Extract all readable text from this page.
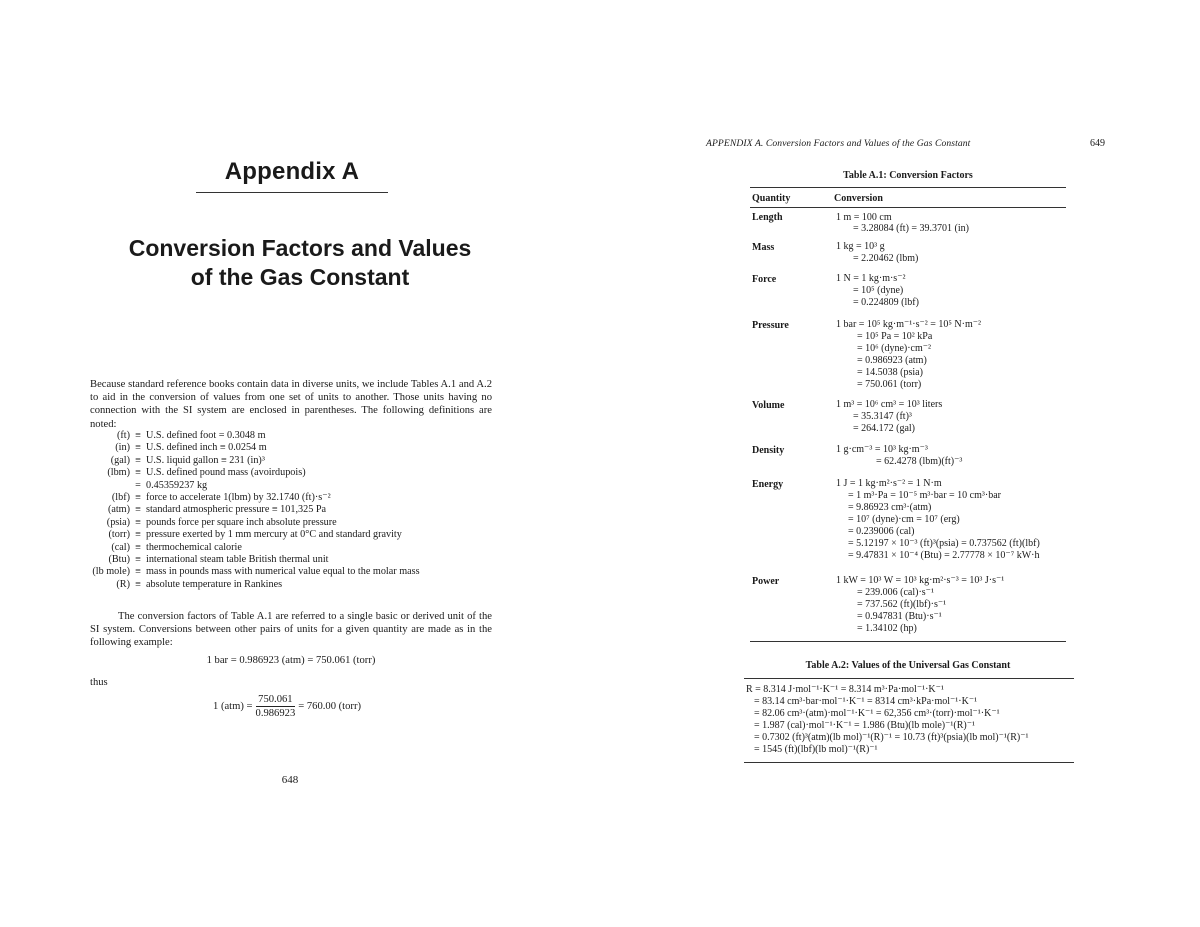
Appendix A
Conversion Factors and Values
of the Gas Constant
Because standard reference books contain data in diverse units, we include Tables A.1 and A.2 to aid in the conversion of values from one set of units to another. Those units having no connection with the SI system are enclosed in parentheses. The following definitions are noted:
(ft) ≡ U.S. defined foot = 0.3048 m
(in) ≡ U.S. defined inch ≡ 0.0254 m
(gal) ≡ U.S. liquid gallon ≡ 231 (in)³
(lbm) ≡ U.S. defined pound mass (avoirdupois)
= 0.45359237 kg
(lbf) ≡ force to accelerate 1(lbm) by 32.1740 (ft)·s⁻²
(atm) ≡ standard atmospheric pressure ≡ 101,325 Pa
(psia) ≡ pounds force per square inch absolute pressure
(torr) ≡ pressure exerted by 1 mm mercury at 0°C and standard gravity
(cal) ≡ thermochemical calorie
(Btu) ≡ international steam table British thermal unit
(lb mole) ≡ mass in pounds mass with numerical value equal to the molar mass
(R) ≡ absolute temperature in Rankines
The conversion factors of Table A.1 are referred to a single basic or derived unit of the SI system. Conversions between other pairs of units for a given quantity are made as in the following example:
1 bar = 0.986923 (atm) = 750.061 (torr)
thus
1 $(atm) = \frac{750.061}{0.986923} = 760.00$ (torr)
648
APPENDIX A. Conversion Factors and Values of the Gas Constant	649
Table A.1: Conversion Factors
Quantity	Conversion
Length	1 m = 100 cm
= 3.28084 (ft) = 39.3701 (in)
Mass	1 kg = 10³ g
= 2.20462 (lbm)
Force	1 N = 1 kg·m·s⁻²
= 10⁵ (dyne)
= 0.224809 (lbf)
Pressure	1 bar = 10⁵ kg·m⁻¹·s⁻² = 10⁵ N·m⁻²
= 10⁵ Pa = 10² kPa
= 10⁶ (dyne)·cm⁻²
= 0.986923 (atm)
= 14.5038 (psia)
= 750.061 (torr)
Volume	1 m³ = 10⁶ cm³ = 10³ liters
= 35.3147 (ft)³
= 264.172 (gal)
Density	1 g·cm⁻³ = 10³ kg·m⁻³
= 62.4278 (lbm)(ft)⁻³
Energy	1 J = 1 kg·m²·s⁻² = 1 N·m
= 1 m³·Pa = 10⁻⁵ m³·bar = 10 cm³·bar
= 9.86923 cm³·(atm)
= 10⁷ (dyne)·cm = 10⁷ (erg)
= 0.239006 (cal)
= 5.12197 × 10⁻³ (ft)³(psia) = 0.737562 (ft)(lbf)
= 9.47831 × 10⁻⁴ (Btu) = 2.77778 × 10⁻⁷ kW·h
Power	1 kW = 10³ W = 10³ kg·m²·s⁻³ = 10³ J·s⁻¹
= 239.006 (cal)·s⁻¹
= 737.562 (ft)(lbf)·s⁻¹
= 0.947831 (Btu)·s⁻¹
= 1.34102 (hp)
Table A.2: Values of the Universal Gas Constant
R = 8.314 J·mol⁻¹·K⁻¹ = 8.314 m³·Pa·mol⁻¹·K⁻¹
= 83.14 cm³·bar·mol⁻¹·K⁻¹ = 8314 cm³·kPa·mol⁻¹·K⁻¹
= 82.06 cm³·(atm)·mol⁻¹·K⁻¹ = 62,356 cm³·(torr)·mol⁻¹·K⁻¹
= 1.987 (cal)·mol⁻¹·K⁻¹ = 1.986 (Btu)(lb mole)⁻¹(R)⁻¹
= 0.7302 (ft)³(atm)(lb mol)⁻¹(R)⁻¹ = 10.73 (ft)³(psia)(lb mol)⁻¹(R)⁻¹
= 1545 (ft)(lbf)(lb mol)⁻¹(R)⁻¹
